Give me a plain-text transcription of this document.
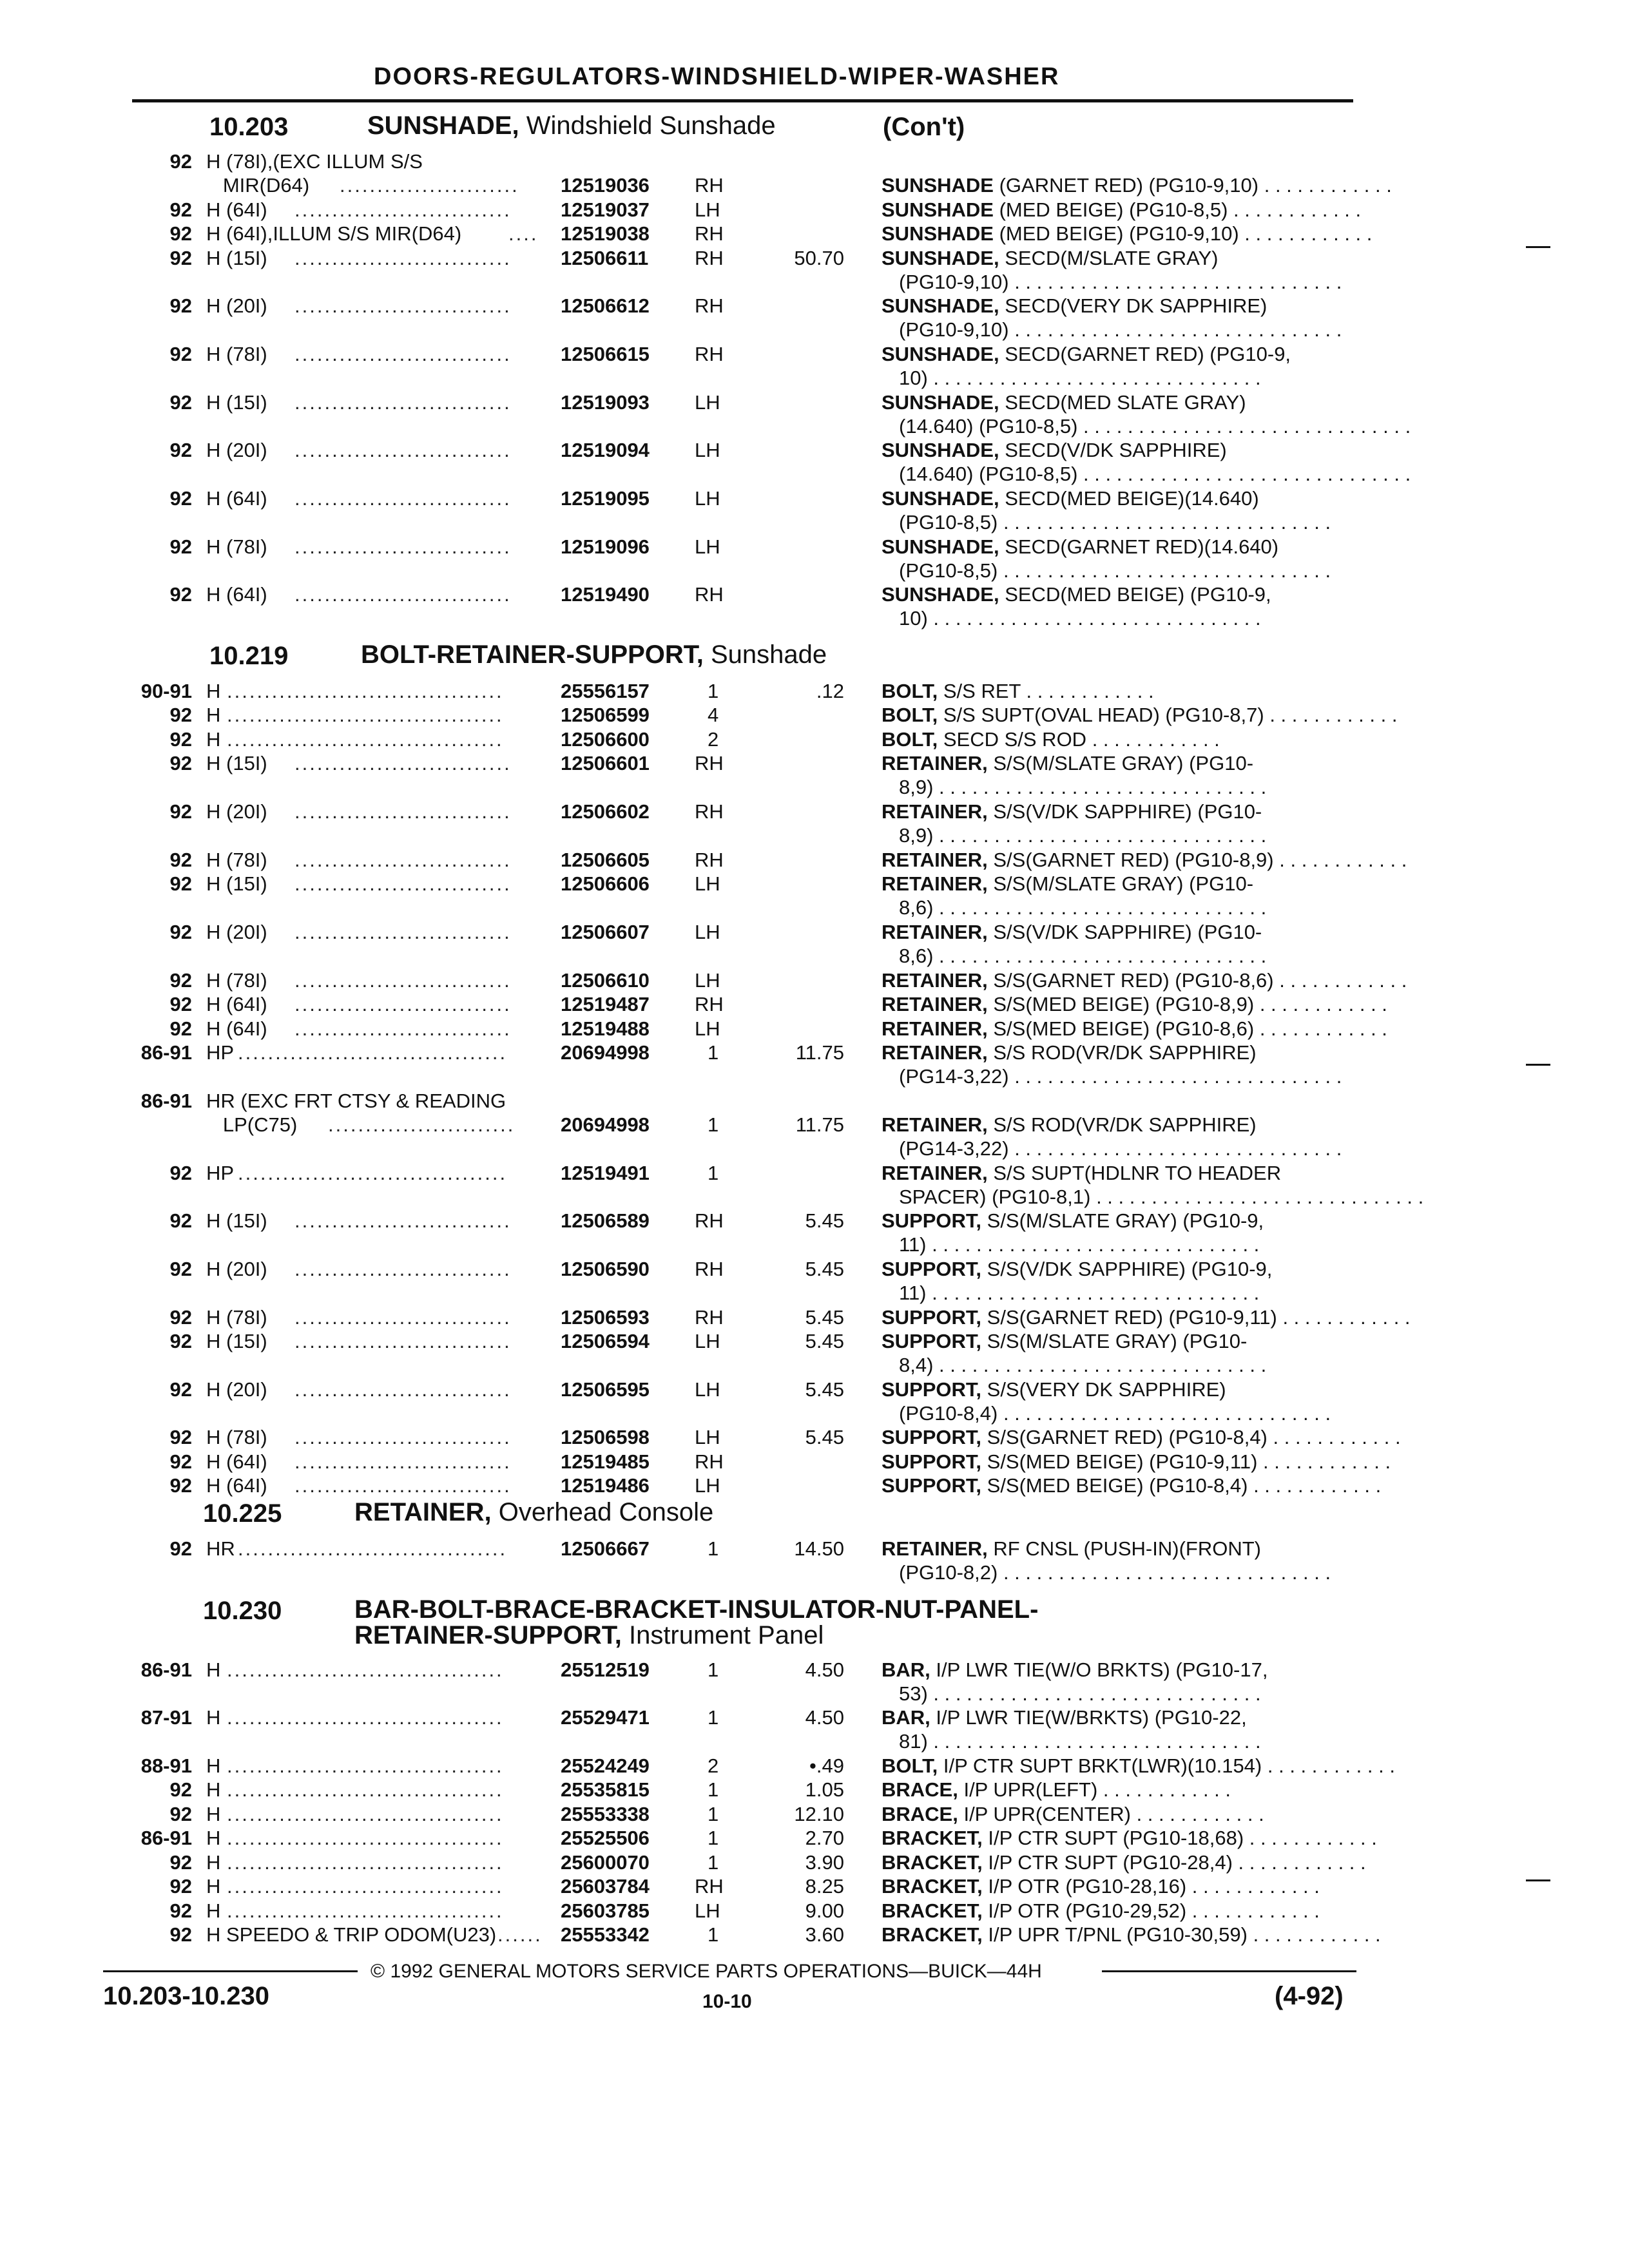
DOORS-REGULATORS-WINDSHIELD-WIPER-WASHER

10.203

	SUNSHADE, Windshield Sunshade

	(Con't)

10.219

	BOLT-RETAINER-SUPPORT, Sunshade

10.225

	RETAINER, Overhead Console

10.230

	BAR-BOLT-BRACE-BRACKET-INSULATOR-NUT-PANEL-
RETAINER-SUPPORT, Instrument Panel

92 H (78I),(EXC ILLUM S/S
MIR(D64) ........................ 12519036 RH	SUNSHADE (GARNET RED) (PG10-9,10) . . . . . . . . . . . .
92 H (64I) ............................. 12519037 LH	SUNSHADE (MED BEIGE) (PG10-8,5) . . . . . . . . . . . .
92 H (64I),ILLUM S/S MIR(D64) .... 12519038 RH	SUNSHADE (MED BEIGE) (PG10-9,10) . . . . . . . . . . . .
92 H (15I) ............................. 12506611 RH	50.70 SUNSHADE, SECD(M/SLATE GRAY)
(PG10-9,10) . . . . . . . . . . . . . . . . . . . . . . . . . . . . . .
92 H (20I) ............................. 12506612 RH	SUNSHADE, SECD(VERY DK SAPPHIRE)
(PG10-9,10) . . . . . . . . . . . . . . . . . . . . . . . . . . . . . .
92 H (78I) ............................. 12506615 RH	SUNSHADE, SECD(GARNET RED) (PG10-9,
10) . . . . . . . . . . . . . . . . . . . . . . . . . . . . . .
92 H (15I) ............................. 12519093 LH	SUNSHADE, SECD(MED SLATE GRAY)
(14.640) (PG10-8,5) . . . . . . . . . . . . . . . . . . . . . . . . . . . . . .
92 H (20I) ............................. 12519094 LH	SUNSHADE, SECD(V/DK SAPPHIRE)
(14.640) (PG10-8,5) . . . . . . . . . . . . . . . . . . . . . . . . . . . . . .
92 H (64I) ............................. 12519095 LH	SUNSHADE, SECD(MED BEIGE)(14.640)
(PG10-8,5) . . . . . . . . . . . . . . . . . . . . . . . . . . . . . .
92 H (78I) ............................. 12519096 LH	SUNSHADE, SECD(GARNET RED)(14.640)
(PG10-8,5) . . . . . . . . . . . . . . . . . . . . . . . . . . . . . .
92 H (64I) ............................. 12519490 RH	SUNSHADE, SECD(MED BEIGE) (PG10-9,
10) . . . . . . . . . . . . . . . . . . . . . . . . . . . . . .
90-91 H .....................................	25556157	1	.12 BOLT, S/S RET . . . . . . . . . . . .
92 H .....................................	12506599	4	BOLT, S/S SUPT(OVAL HEAD) (PG10-8,7) . . . . . . . . . . . .
92 H .....................................	12506600	2	BOLT, SECD S/S ROD . . . . . . . . . . . .
92 H (15I) ............................. 12506601 RH	RETAINER, S/S(M/SLATE GRAY) (PG10-
8,9) . . . . . . . . . . . . . . . . . . . . . . . . . . . . . .
92 H (20I) ............................. 12506602 RH	RETAINER, S/S(V/DK SAPPHIRE) (PG10-
8,9) . . . . . . . . . . . . . . . . . . . . . . . . . . . . . .
92 H (78I) ............................. 12506605 RH	RETAINER, S/S(GARNET RED) (PG10-8,9) . . . . . . . . . . . .
92 H (15I) ............................. 12506606 LH	RETAINER, S/S(M/SLATE GRAY) (PG10-
8,6) . . . . . . . . . . . . . . . . . . . . . . . . . . . . . .
92 H (20I) ............................. 12506607 LH	RETAINER, S/S(V/DK SAPPHIRE) (PG10-
8,6) . . . . . . . . . . . . . . . . . . . . . . . . . . . . . .
92 H (78I) ............................. 12506610 LH	RETAINER, S/S(GARNET RED) (PG10-8,6) . . . . . . . . . . . .
92 H (64I) ............................. 12519487 RH	RETAINER, S/S(MED BEIGE) (PG10-8,9) . . . . . . . . . . . .
92 H (64I) ............................. 12519488 LH	RETAINER, S/S(MED BEIGE) (PG10-8,6) . . . . . . . . . . . .
86-91 HP ....................................	20694998	1	11.75 RETAINER, S/S ROD(VR/DK SAPPHIRE)
(PG14-3,22) . . . . . . . . . . . . . . . . . . . . . . . . . . . . . .
86-91 HR (EXC FRT CTSY & READING
LP(C75) ......................... 20694998	1	11.75 RETAINER, S/S ROD(VR/DK SAPPHIRE)
(PG14-3,22) . . . . . . . . . . . . . . . . . . . . . . . . . . . . . .
92 HP ....................................	12519491	1	RETAINER, S/S SUPT(HDLNR TO HEADER
SPACER) (PG10-8,1) . . . . . . . . . . . . . . . . . . . . . . . . . . . . . .
92 H (15I) ............................. 12506589 RH	5.45 SUPPORT, S/S(M/SLATE GRAY) (PG10-9,
11) . . . . . . . . . . . . . . . . . . . . . . . . . . . . . .
92 H (20I) ............................. 12506590 RH	5.45 SUPPORT, S/S(V/DK SAPPHIRE) (PG10-9,
11) . . . . . . . . . . . . . . . . . . . . . . . . . . . . . .
92 H (78I) ............................. 12506593 RH	5.45 SUPPORT, S/S(GARNET RED) (PG10-9,11) . . . . . . . . . . . .
92 H (15I) ............................. 12506594 LH	5.45 SUPPORT, S/S(M/SLATE GRAY) (PG10-
8,4) . . . . . . . . . . . . . . . . . . . . . . . . . . . . . .
92 H (20I) ............................. 12506595 LH	5.45 SUPPORT, S/S(VERY DK SAPPHIRE)
(PG10-8,4) . . . . . . . . . . . . . . . . . . . . . . . . . . . . . .
92 H (78I) ............................. 12506598 LH	5.45 SUPPORT, S/S(GARNET RED) (PG10-8,4) . . . . . . . . . . . .
92 H (64I) ............................. 12519485 RH	SUPPORT, S/S(MED BEIGE) (PG10-9,11) . . . . . . . . . . . .
92 H (64I) ............................. 12519486 LH	SUPPORT, S/S(MED BEIGE) (PG10-8,4) . . . . . . . . . . . .
92 HR ....................................	12506667	1	14.50 RETAINER, RF CNSL (PUSH-IN)(FRONT)
(PG10-8,2) . . . . . . . . . . . . . . . . . . . . . . . . . . . . . .
86-91 H .....................................	25512519	1	4.50 BAR, I/P LWR TIE(W/O BRKTS) (PG10-17,
53) . . . . . . . . . . . . . . . . . . . . . . . . . . . . . .
87-91 H .....................................	25529471	1	4.50 BAR, I/P LWR TIE(W/BRKTS) (PG10-22,
81) . . . . . . . . . . . . . . . . . . . . . . . . . . . . . .
88-91 H .....................................	25524249	2	•.49 BOLT, I/P CTR SUPT BRKT(LWR)(10.154) . . . . . . . . . . . .
92 H .....................................	25535815	1	1.05 BRACE, I/P UPR(LEFT) . . . . . . . . . . . .
92 H .....................................	25553338	1	12.10 BRACE, I/P UPR(CENTER) . . . . . . . . . . . .
86-91 H .....................................	25525506	1	2.70 BRACKET, I/P CTR SUPT (PG10-18,68) . . . . . . . . . . . .
92 H .....................................	25600070	1	3.90 BRACKET, I/P CTR SUPT (PG10-28,4) . . . . . . . . . . . .
92 H .....................................	25603784 RH	8.25 BRACKET, I/P OTR (PG10-28,16) . . . . . . . . . . . .
92 H .....................................	25603785 LH	9.00 BRACKET, I/P OTR (PG10-29,52) . . . . . . . . . . . .
92 H SPEEDO & TRIP ODOM(U23) ...... 25553342	1	3.60 BRACKET, I/P UPR T/PNL (PG10-30,59) . . . . . . . . . . . .
© 1992 GENERAL MOTORS SERVICE PARTS OPERATIONS—BUICK—44H
10.203-10.230	10-10	(4-92)
